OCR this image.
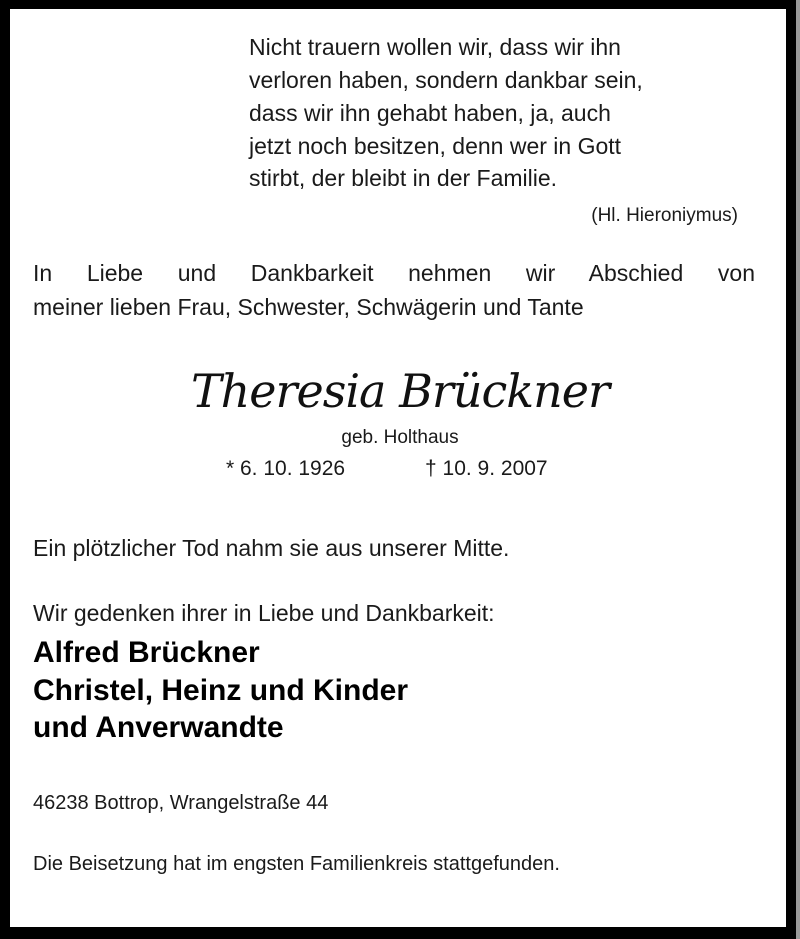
Nicht trauern wollen wir, dass wir ihn

verloren haben, sondern dankbar sein,

dass wir ihn gehabt haben, ja, auch

jetzt noch besitzen, denn wer in Gott

stirbt, der bleibt in der Familie.

(Hl. Hieroniymus)

In Liebe und Dankbarkeit nehmen wir Abschied von

meiner lieben Frau, Schwester, Schwägerin und Tante

Theresia Brückner

geb. Holthaus

* 6. 10. 1926	† 10. 9. 2007

Ein plötzlicher Tod nahm sie aus unserer Mitte.

Wir gedenken ihrer in Liebe und Dankbarkeit:

Alfred Brückner

Christel, Heinz und Kinder

und Anverwandte

46238 Bottrop, Wrangelstraße 44

Die Beisetzung hat im engsten Familienkreis stattgefunden.
